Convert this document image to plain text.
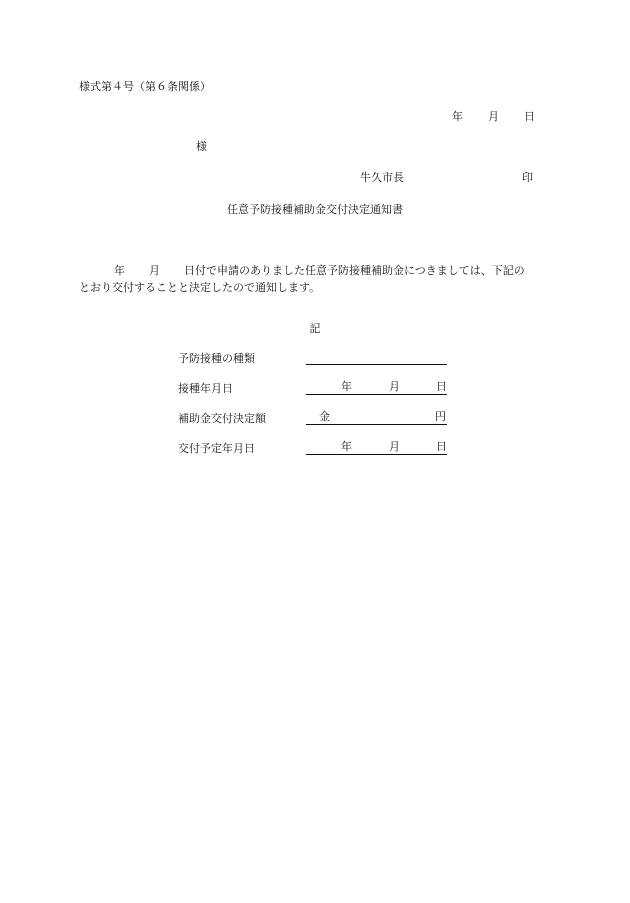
様式第４号（第６条関係）
年 月 日
様
牛久市長	印
任意予防接種補助金交付決定通知書
年 月 日付で申請のありました任意予防接種補助金につきましては、下記の
とおり交付することと決定したので通知します。
記
予防接種の種類
接種年月日	年	月	日
補助金交付決定額	金	円
交付予定年月日	年	月	日
